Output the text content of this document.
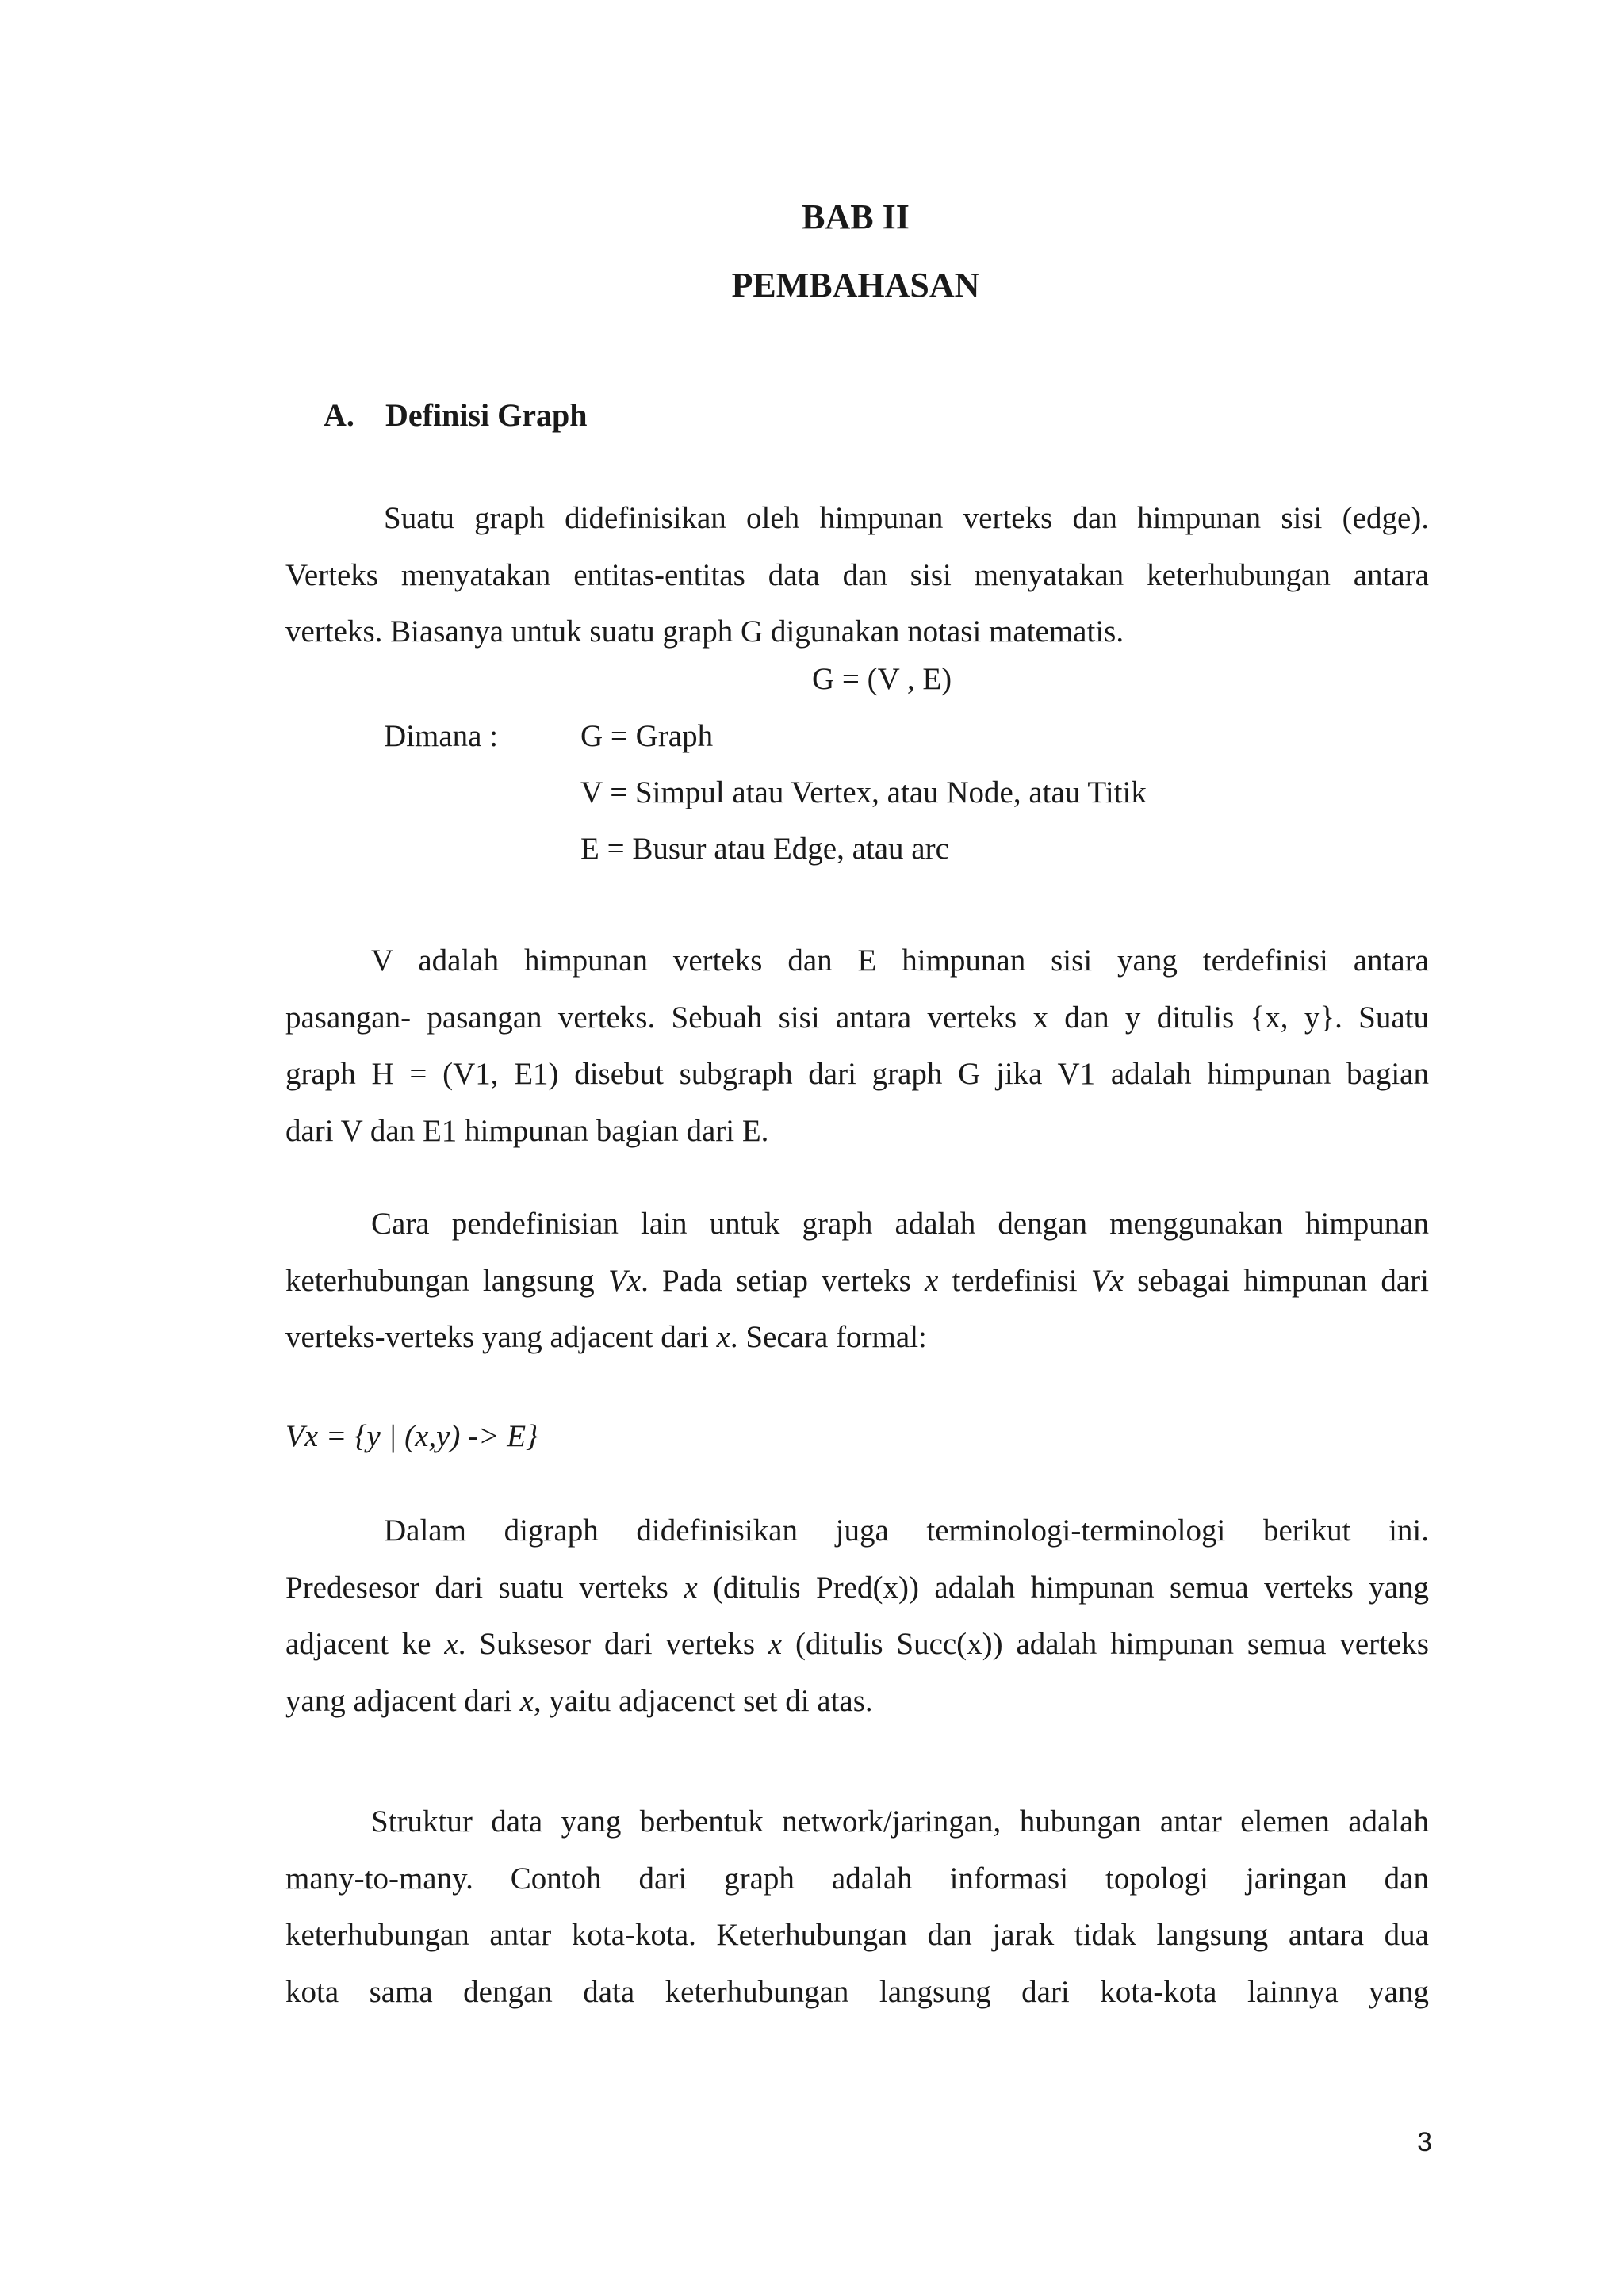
BAB II
PEMBAHASAN
A. Definisi Graph
Suatu graph didefinisikan oleh himpunan verteks dan himpunan sisi (edge).
Verteks menyatakan entitas-entitas data dan sisi menyatakan keterhubungan antara
verteks. Biasanya untuk suatu graph G digunakan notasi matematis.
G = (V , E)
Dimana :	G = Graph
V = Simpul atau Vertex, atau Node, atau Titik
E = Busur atau Edge, atau arc
V adalah himpunan verteks dan E himpunan sisi yang terdefinisi antara
pasangan- pasangan verteks. Sebuah sisi antara verteks x dan y ditulis {x, y}. Suatu
graph H = (V1, E1) disebut subgraph dari graph G jika V1 adalah himpunan bagian
dari V dan E1 himpunan bagian dari E.
Cara pendefinisian lain untuk graph adalah dengan menggunakan himpunan
keterhubungan langsung Vx. Pada setiap verteks x terdefinisi Vx sebagai himpunan dari
verteks-verteks yang adjacent dari x. Secara formal:
Vx = {y | (x,y) -> E}
Dalam digraph didefinisikan juga terminologi-terminologi berikut ini.
Predesesor dari suatu verteks x (ditulis Pred(x)) adalah himpunan semua verteks yang
adjacent ke x. Suksesor dari verteks x (ditulis Succ(x)) adalah himpunan semua verteks
yang adjacent dari x, yaitu adjacenct set di atas.
Struktur data yang berbentuk network/jaringan, hubungan antar elemen adalah
many-to-many. Contoh dari graph adalah informasi topologi jaringan dan
keterhubungan antar kota-kota. Keterhubungan dan jarak tidak langsung antara dua
kota sama dengan data keterhubungan langsung dari kota-kota lainnya yang
3
